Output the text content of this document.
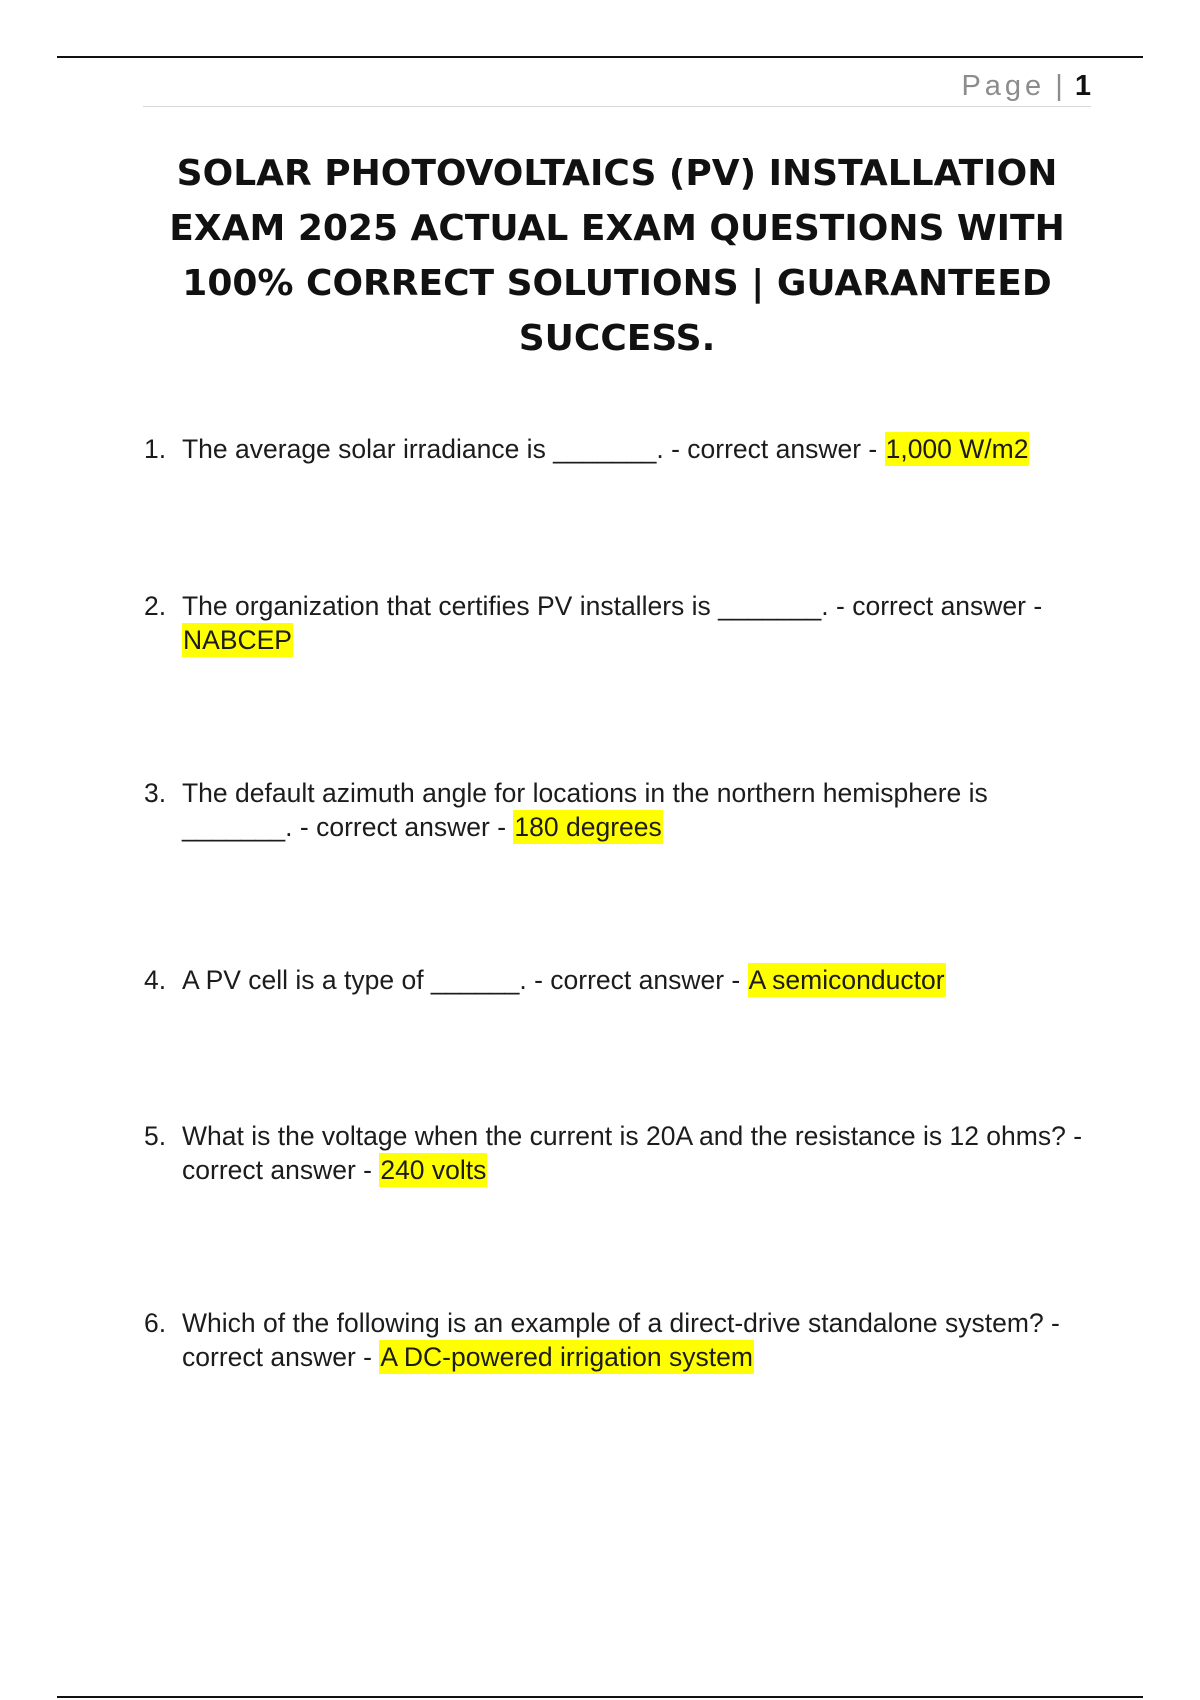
Page | 1
SOLAR PHOTOVOLTAICS (PV) INSTALLATION EXAM 2025 ACTUAL EXAM QUESTIONS WITH 100% CORRECT SOLUTIONS | GUARANTEED SUCCESS.
1. The average solar irradiance is _______. - correct answer - 1,000 W/m2
2. The organization that certifies PV installers is _______. - correct answer - NABCEP
3. The default azimuth angle for locations in the northern hemisphere is _______. - correct answer - 180 degrees
4. A PV cell is a type of ______. - correct answer - A semiconductor
5. What is the voltage when the current is 20A and the resistance is 12 ohms? - correct answer - 240 volts
6. Which of the following is an example of a direct-drive standalone system? - correct answer - A DC-powered irrigation system
